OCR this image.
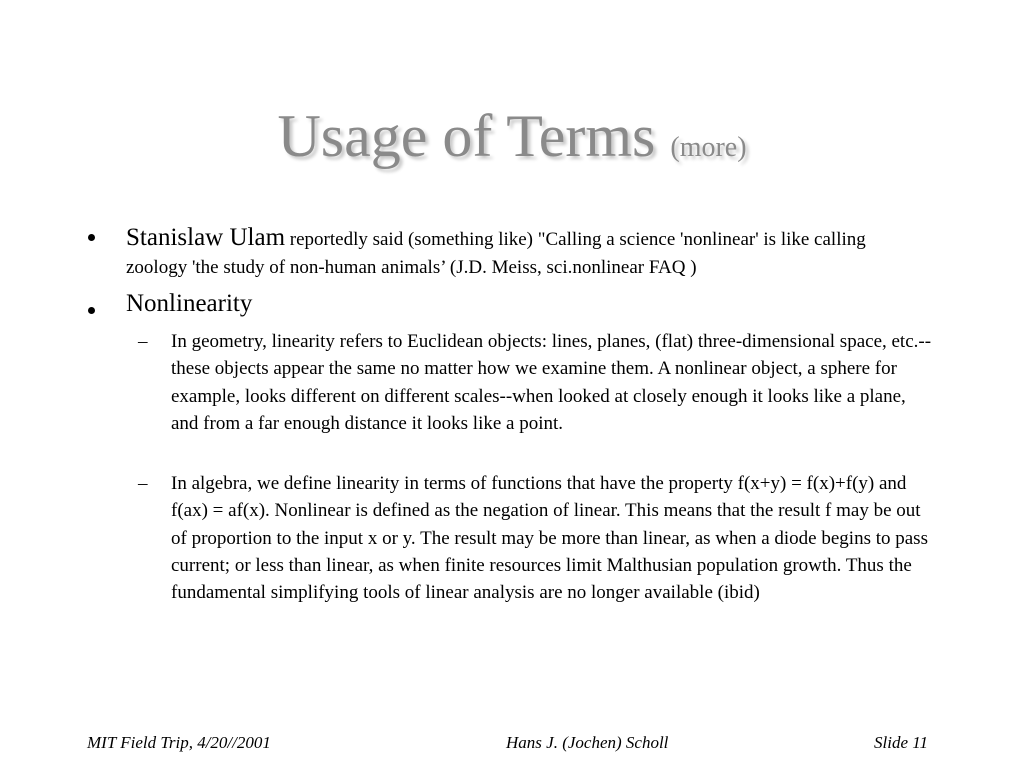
Usage of Terms (more)
Stanislaw Ulam reportedly said (something like) "Calling a science 'nonlinear' is like calling zoology 'the study of non-human animals’ (J.D. Meiss, sci.nonlinear FAQ )
Nonlinearity
– In geometry, linearity refers to Euclidean objects: lines, planes, (flat) three-dimensional space, etc.--these objects appear the same no matter how we examine them. A nonlinear object, a sphere for example, looks different on different scales--when looked at closely enough it looks like a plane, and from a far enough distance it looks like a point.
– In algebra, we define linearity in terms of functions that have the property f(x+y) = f(x)+f(y) and f(ax) = af(x). Nonlinear is defined as the negation of linear. This means that the result f may be out of proportion to the input x or y. The result may be more than linear, as when a diode begins to pass current; or less than linear, as when finite resources limit Malthusian population growth. Thus the fundamental simplifying tools of linear analysis are no longer available (ibid)
MIT Field Trip, 4/20//2001	Hans J. (Jochen) Scholl	Slide 11
